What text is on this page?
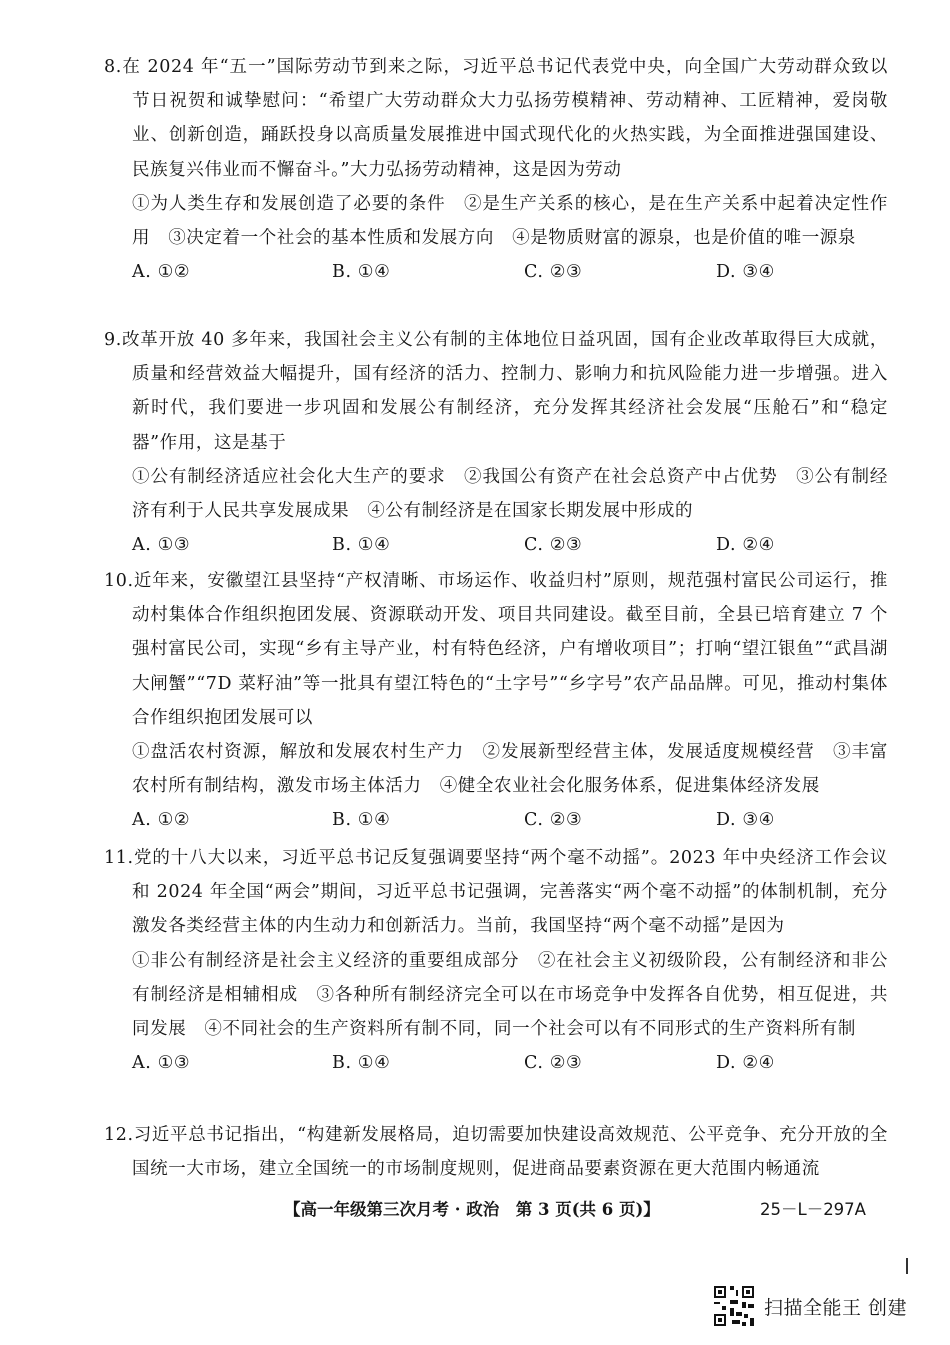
8.在 2024 年“五一”国际劳动节到来之际，习近平总书记代表党中央，向全国广大劳动群众致以节日祝贺和诚挚慰问：“希望广大劳动群众大力弘扬劳模精神、劳动精神、工匠精神，爱岗敬业、创新创造，踊跃投身以高质量发展推进中国式现代化的火热实践，为全面推进强国建设、民族复兴伟业而不懈奋斗。”大力弘扬劳动精神，这是因为劳动

①为人类生存和发展创造了必要的条件　②是生产关系的核心，是在生产关系中起着决定性作用　③决定着一个社会的基本性质和发展方向　④是物质财富的源泉，也是价值的唯一源泉

A. ①②	B. ①④	C. ②③	D. ③④

9.改革开放 40 多年来，我国社会主义公有制的主体地位日益巩固，国有企业改革取得巨大成就，质量和经营效益大幅提升，国有经济的活力、控制力、影响力和抗风险能力进一步增强。进入新时代，我们要进一步巩固和发展公有制经济，充分发挥其经济社会发展“压舱石”和“稳定器”作用，这是基于

①公有制经济适应社会化大生产的要求　②我国公有资产在社会总资产中占优势　③公有制经济有利于人民共享发展成果　④公有制经济是在国家长期发展中形成的

A. ①③	B. ①④	C. ②③	D. ②④

10.近年来，安徽望江县坚持“产权清晰、市场运作、收益归村”原则，规范强村富民公司运行，推动村集体合作组织抱团发展、资源联动开发、项目共同建设。截至目前，全县已培育建立 7 个强村富民公司，实现“乡有主导产业，村有特色经济，户有增收项目”；打响“望江银鱼”“武昌湖大闸蟹”“7D 菜籽油”等一批具有望江特色的“土字号”“乡字号”农产品品牌。可见，推动村集体合作组织抱团发展可以

①盘活农村资源，解放和发展农村生产力　②发展新型经营主体，发展适度规模经营　③丰富农村所有制结构，激发市场主体活力　④健全农业社会化服务体系，促进集体经济发展

A. ①②	B. ①④	C. ②③	D. ③④

11.党的十八大以来，习近平总书记反复强调要坚持“两个毫不动摇”。2023 年中央经济工作会议和 2024 年全国“两会”期间，习近平总书记强调，完善落实“两个毫不动摇”的体制机制，充分激发各类经营主体的内生动力和创新活力。当前，我国坚持“两个毫不动摇”是因为

①非公有制经济是社会主义经济的重要组成部分　②在社会主义初级阶段，公有制经济和非公有制经济是相辅相成　③各种所有制经济完全可以在市场竞争中发挥各自优势，相互促进，共同发展　④不同社会的生产资料所有制不同，同一个社会可以有不同形式的生产资料所有制

A. ①③	B. ①④	C. ②③	D. ②④

12.习近平总书记指出，“构建新发展格局，迫切需要加快建设高效规范、公平竞争、充分开放的全国统一大市场，建立全国统一的市场制度规则，促进商品要素资源在更大范围内畅通流

【高一年级第三次月考 · 政治　第 3 页(共 6 页)】	25－L－297A
扫描全能王 创建
